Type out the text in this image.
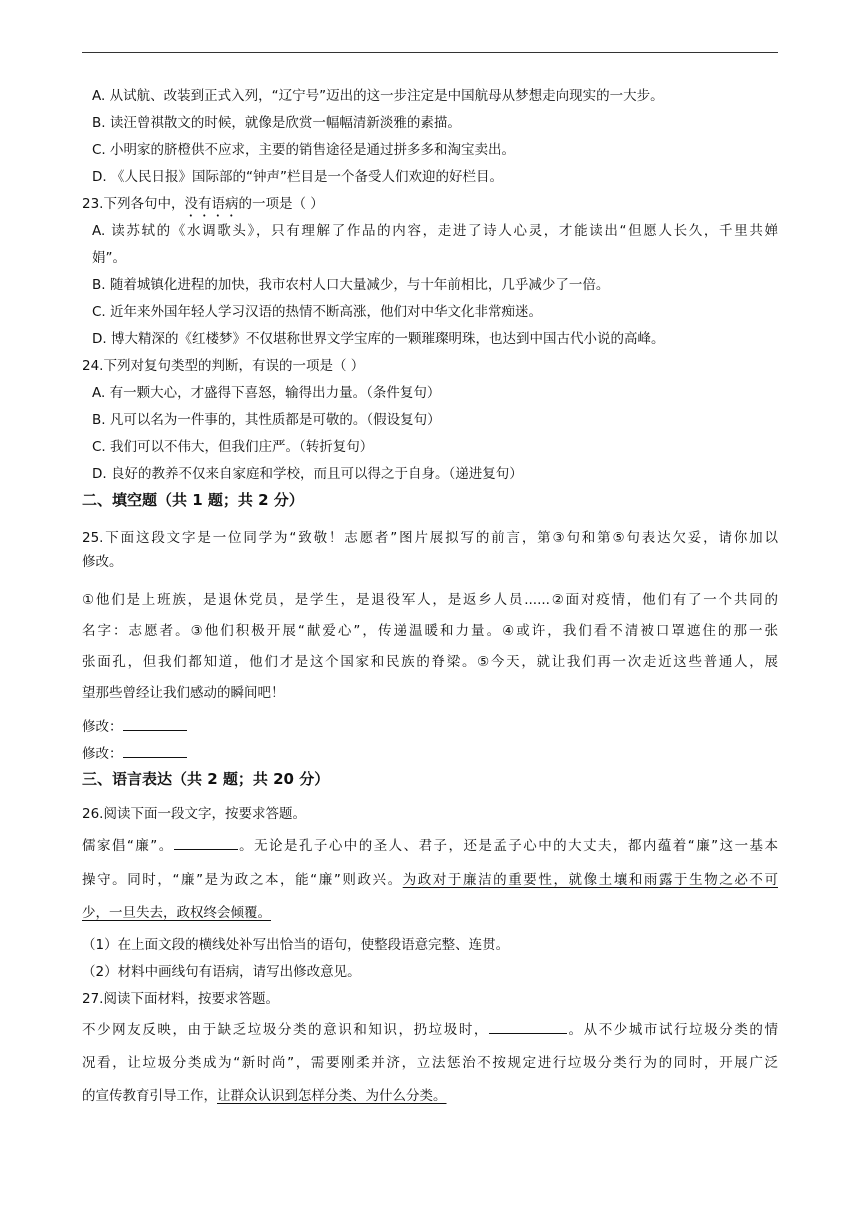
A. 从试航、改装到正式入列，“辽宁号”迈出的这一步注定是中国航母从梦想走向现实的一大步。
B. 读汪曾祺散文的时候，就像是欣赏一幅幅清新淡雅的素描。
C. 小明家的脐橙供不应求，主要的销售途径是通过拼多多和淘宝卖出。
D. 《人民日报》国际部的“钟声”栏目是一个备受人们欢迎的好栏目。
23.下列各句中，没有语病的一项是（ ）
A. 读苏轼的《水调歌头》，只有理解了作品的内容，走进了诗人心灵，才能读出“但愿人长久，千里共婵
娟”。
B. 随着城镇化进程的加快，我市农村人口大量减少，与十年前相比，几乎减少了一倍。
C. 近年来外国年轻人学习汉语的热情不断高涨，他们对中华文化非常痴迷。
D. 博大精深的《红楼梦》不仅堪称世界文学宝库的一颗璀璨明珠，也达到中国古代小说的高峰。
24.下列对复句类型的判断，有误的一项是（ ）
A. 有一颗大心，才盛得下喜怒，输得出力量。（条件复句）
B. 凡可以名为一件事的，其性质都是可敬的。（假设复句）
C. 我们可以不伟大，但我们庄严。（转折复句）
D. 良好的教养不仅来自家庭和学校，而且可以得之于自身。（递进复句）
二、填空题（共 1 题；共 2 分）
25.下面这段文字是一位同学为“致敬！志愿者”图片展拟写的前言，第③句和第⑤句表达欠妥，请你加以
修改。
①他们是上班族，是退休党员，是学生，是退役军人，是返乡人员......②面对疫情，他们有了一个共同的
名字：志愿者。③他们积极开展“献爱心”，传递温暖和力量。④或许，我们看不清被口罩遮住的那一张
张面孔，但我们都知道，他们才是这个国家和民族的脊梁。⑤今天，就让我们再一次走近这些普通人，展
望那些曾经让我们感动的瞬间吧！
修改：
修改：
三、语言表达（共 2 题；共 20 分）
26.阅读下面一段文字，按要求答题。
儒家倡“廉”。	。无论是孔子心中的圣人、君子，还是孟子心中的大丈夫，都内蕴着“廉”这一基本
操守。同时，“廉”是为政之本，能“廉”则政兴。为政对于廉洁的重要性，就像土壤和雨露于生物之必不可
少，一旦失去，政权终会倾覆。
（1）在上面文段的横线处补写出恰当的语句，使整段语意完整、连贯。
（2）材料中画线句有语病，请写出修改意见。
27.阅读下面材料，按要求答题。
不少网友反映，由于缺乏垃圾分类的意识和知识，扔垃圾时，	。从不少城市试行垃圾分类的情
况看，让垃圾分类成为“新时尚”，需要刚柔并济，立法惩治不按规定进行垃圾分类行为的同时，开展广泛
的宣传教育引导工作，让群众认识到怎样分类、为什么分类。
